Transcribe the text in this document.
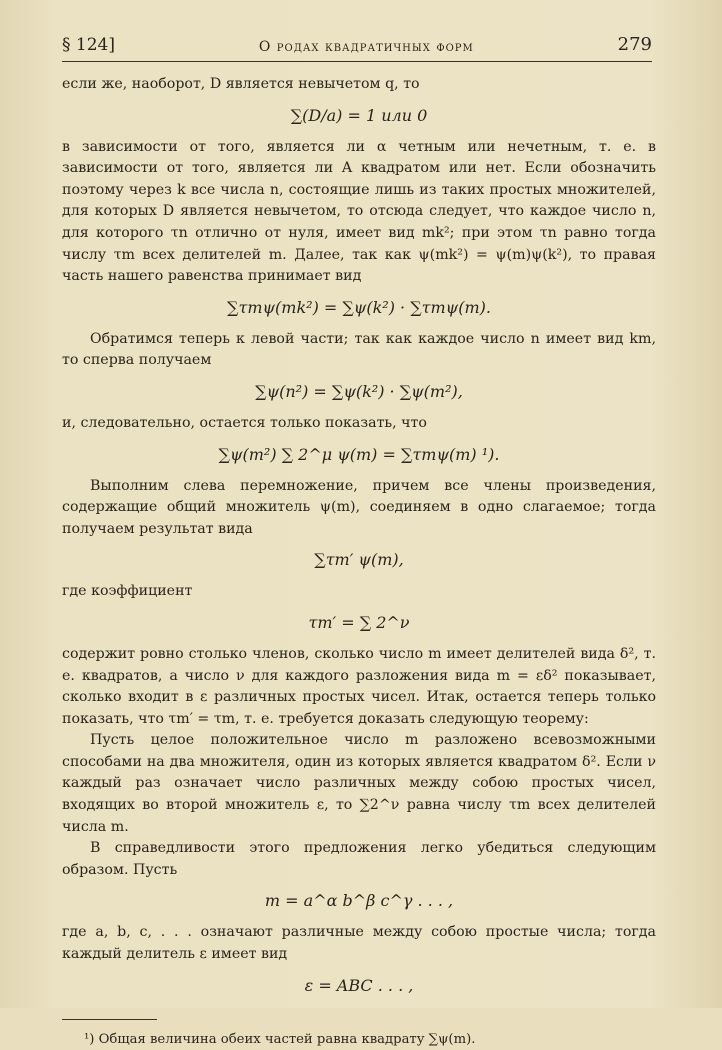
§ 124]	О родах квадратичных форм	279

если же, наоборот, D является невычетом q, то

∑(D/a) = 1 или 0

в зависимости от того, является ли α четным или нечетным, т. е. в зависимости от того, является ли A квадратом или нет. Если обозначить поэтому через k все числа n, состоящие лишь из таких простых множителей, для которых D является невычетом, то отсюда следует, что каждое число n, для которого τn отлично от нуля, имеет вид mk²; при этом τn равно тогда числу τm всех делителей m. Далее, так как ψ(mk²) = ψ(m)ψ(k²), то правая часть нашего равенства принимает вид

∑τmψ(mk²) = ∑ψ(k²) · ∑τmψ(m).

Обратимся теперь к левой части; так как каждое число n имеет вид km, то сперва получаем

∑ψ(n²) = ∑ψ(k²) · ∑ψ(m²),

и, следовательно, остается только показать, что

∑ψ(m²) ∑ 2^μ ψ(m) = ∑τmψ(m) ¹).

Выполним слева перемножение, причем все члены произведения, содержащие общий множитель ψ(m), соединяем в одно слагаемое; тогда получаем результат вида

∑τm′ ψ(m),

где коэффициент

τm′ = ∑ 2^ν

содержит ровно столько членов, сколько число m имеет делителей вида δ², т. е. квадратов, а число ν для каждого разложения вида m = εδ² показывает, сколько входит в ε различных простых чисел. Итак, остается теперь только показать, что τm′ = τm, т. е. требуется доказать следующую теорему:

Пусть целое положительное число m разложено всевозможными способами на два множителя, один из которых является квадратом δ². Если ν каждый раз означает число различных между собою простых чисел, входящих во второй множитель ε, то ∑2^ν равна числу τm всех делителей числа m.

В справедливости этого предложения легко убедиться следующим образом. Пусть

m = a^α b^β c^γ . . . ,

где a, b, c, . . . означают различные между собою простые числа; тогда каждый делитель ε имеет вид

ε = ABC . . . ,

¹) Общая величина обеих частей равна квадрату ∑ψ(m).
